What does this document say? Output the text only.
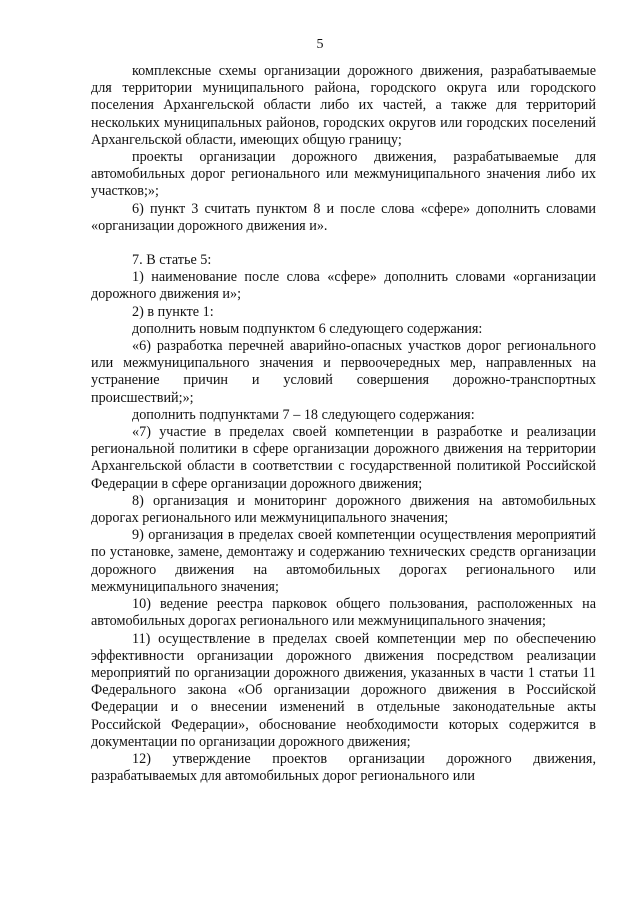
5

комплексные схемы организации дорожного движения, разрабатываемые для территории муниципального района, городского округа или городского поселения Архангельской области либо их частей, а также для территорий нескольких муниципальных районов, городских округов или городских поселений Архангельской области, имеющих общую границу;

проекты организации дорожного движения, разрабатываемые для автомобильных дорог регионального или межмуниципального значения либо их участков;»;

6) пункт 3 считать пунктом 8 и после слова «сфере» дополнить словами «организации дорожного движения и».

7. В статье 5:

1) наименование после слова «сфере» дополнить словами «организации дорожного движения и»;

2) в пункте 1:

дополнить новым подпунктом 6 следующего содержания:

«6) разработка перечней аварийно-опасных участков дорог регионального или межмуниципального значения и первоочередных мер, направленных на устранение причин и условий совершения дорожно-транспортных происшествий;»;

дополнить подпунктами 7 – 18 следующего содержания:

«7) участие в пределах своей компетенции в разработке и реализации региональной политики в сфере организации дорожного движения на территории Архангельской области в соответствии с государственной политикой Российской Федерации в сфере организации дорожного движения;

8) организация и мониторинг дорожного движения на автомобильных дорогах регионального или межмуниципального значения;

9) организация в пределах своей компетенции осуществления мероприятий по установке, замене, демонтажу и содержанию технических средств организации дорожного движения на автомобильных дорогах регионального или межмуниципального значения;

10) ведение реестра парковок общего пользования, расположенных на автомобильных дорогах регионального или межмуниципального значения;

11) осуществление в пределах своей компетенции мер по обеспечению эффективности организации дорожного движения посредством реализации мероприятий по организации дорожного движения, указанных в части 1 статьи 11 Федерального закона «Об организации дорожного движения в Российской Федерации и о внесении изменений в отдельные законодательные акты Российской Федерации», обоснование необходимости которых содержится в документации по организации дорожного движения;

12) утверждение проектов организации дорожного движения, разрабатываемых для автомобильных дорог регионального или
